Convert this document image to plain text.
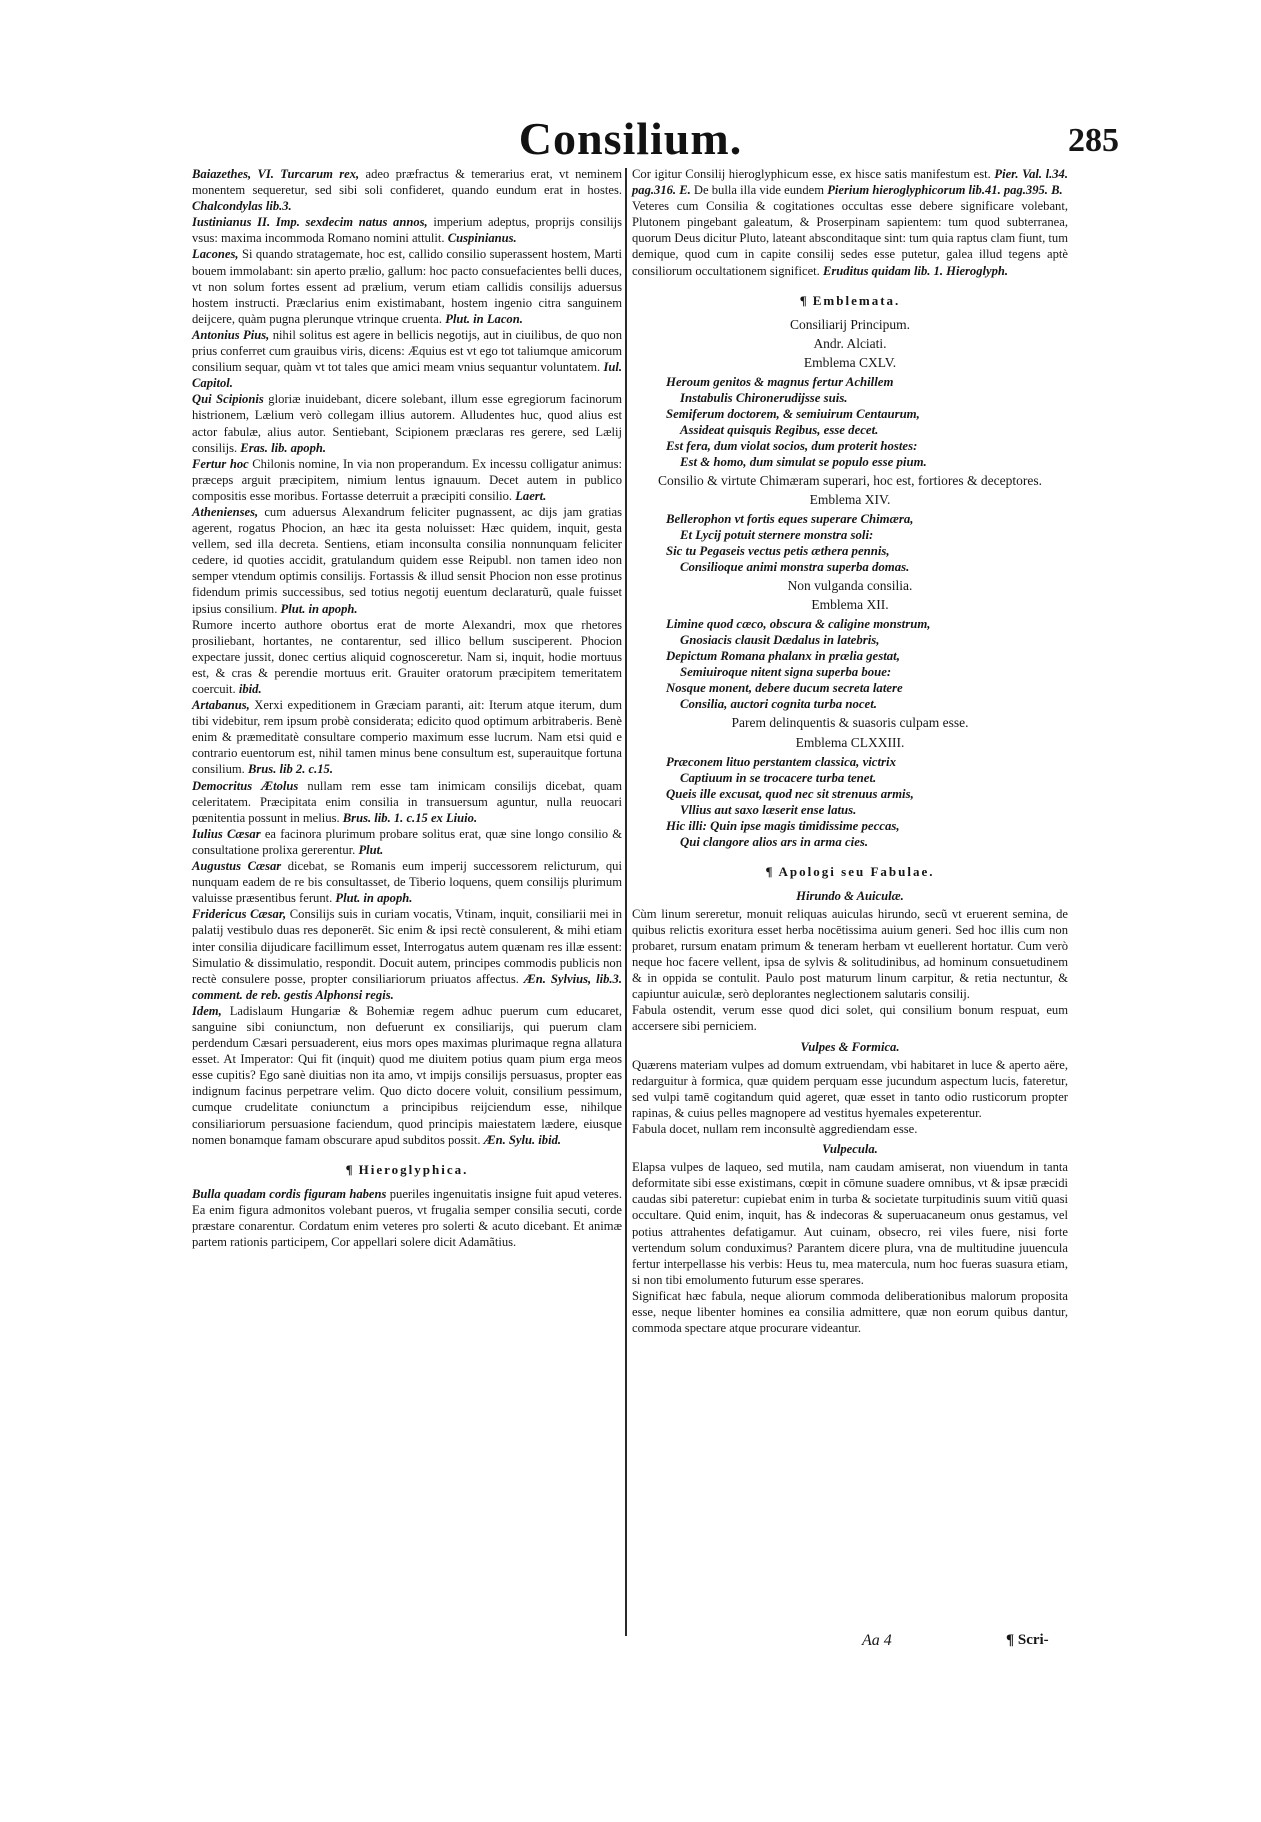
Consilium.	285

Baiazethes, VI. Turcarum rex, adeo præfractus & temerarius erat, vt neminem monentem sequeretur, sed sibi soli confideret, quando eundum erat in hostes. Chalcondylas lib.3.

Iustinianus II. Imp. sexdecim natus annos, imperium adeptus, proprijs consilijs vsus: maxima incommoda Romano nomini attulit. Cuspinianus.

Lacones, Si quando stratagemate, hoc est, callido consilio superassent hostem, Marti bouem immolabant: sin aperto prælio, gallum: hoc pacto consuefacientes belli duces, vt non solum fortes essent ad prælium, verum etiam callidis consilijs aduersus hostem instructi. Præclarius enim existimabant, hostem ingenio citra sanguinem deijcere, quàm pugna plerunque vtrinque cruenta. Plut. in Lacon.

Antonius Pius, nihil solitus est agere in bellicis negotijs, aut in ciuilibus, de quo non prius conferret cum grauibus viris, dicens: Æquius est vt ego tot taliumque amicorum consilium sequar, quàm vt tot tales que amici meam vnius sequantur voluntatem. Iul. Capitol.

Qui Scipionis gloriæ inuidebant, dicere solebant, illum esse egregiorum facinorum histrionem, Lælium verò collegam illius autorem. Alludentes huc, quod alius est actor fabulæ, alius autor. Sentiebant, Scipionem præclaras res gerere, sed Lælij consilijs. Eras. lib. apoph.

Fertur hoc Chilonis nomine, In via non properandum. Ex incessu colligatur animus: præceps arguit præcipitem, nimium lentus ignauum. Decet autem in publico compositis esse moribus. Fortasse deterruit a præcipiti consilio. Laert.

Athenienses, cum aduersus Alexandrum feliciter pugnassent, ac dijs jam gratias agerent, rogatus Phocion, an hæc ita gesta noluisset: Hæc quidem, inquit, gesta vellem, sed illa decreta. Sentiens, etiam inconsulta consilia nonnunquam feliciter cedere, id quoties accidit, gratulandum quidem esse Reipubl. non tamen ideo non semper vtendum optimis consilijs. Fortassis & illud sensit Phocion non esse protinus fidendum primis successibus, sed totius negotij euentum declaraturũ, quale fuisset ipsius consilium. Plut. in apoph.

Rumore incerto authore obortus erat de morte Alexandri, mox que rhetores prosiliebant, hortantes, ne contarentur, sed illico bellum susciperent. Phocion expectare jussit, donec certius aliquid cognosceretur. Nam si, inquit, hodie mortuus est, & cras & perendie mortuus erit. Grauiter oratorum præcipitem temeritatem coercuit. ibid.

Artabanus, Xerxi expeditionem in Græciam paranti, ait: Iterum atque iterum, dum tibi videbitur, rem ipsum probè considerata; edicito quod optimum arbitraberis. Benè enim & præmeditatè consultare comperio maximum esse lucrum. Nam etsi quid e contrario euentorum est, nihil tamen minus bene consultum est, superauitque fortuna consilium. Brus. lib 2. c.15.

Democritus Ætolus nullam rem esse tam inimicam consilijs dicebat, quam celeritatem. Præcipitata enim consilia in transuersum aguntur, nulla reuocari pœnitentia possunt in melius. Brus. lib. 1. c.15 ex Liuio.

Iulius Cæsar ea facinora plurimum probare solitus erat, quæ sine longo consilio & consultatione prolixa gererentur. Plut.

Augustus Cæsar dicebat, se Romanis eum imperij successorem relicturum, qui nunquam eadem de re bis consultasset, de Tiberio loquens, quem consilijs plurimum valuisse præsentibus ferunt. Plut. in apoph.

Fridericus Cæsar, Consilijs suis in curiam vocatis, Vtinam, inquit, consiliarii mei in palatij vestibulo duas res deponerēt. Sic enim & ipsi rectè consulerent, & mihi etiam inter consilia dijudicare facillimum esset, Interrogatus autem quænam res illæ essent: Simulatio & dissimulatio, respondit. Docuit autem, principes commodis publicis non rectè consulere posse, propter consiliariorum priuatos affectus. Æn. Sylvius, lib.3. comment. de reb. gestis Alphonsi regis.

Idem, Ladislaum Hungariæ & Bohemiæ regem adhuc puerum cum educaret, sanguine sibi coniunctum, non defuerunt ex consiliarijs, qui puerum clam perdendum Cæsari persuaderent, eius mors opes maximas plurimaque regna allatura esset. At Imperator: Qui fit (inquit) quod me diuitem potius quam pium erga meos esse cupitis? Ego sanè diuitias non ita amo, vt impijs consilijs persuasus, propter eas indignum facinus perpetrare velim. Quo dicto docere voluit, consilium pessimum, cumque crudelitate coniunctum a principibus reijciendum esse, nihilque consiliariorum persuasione faciendum, quod principis maiestatem lædere, eiusque nomen bonamque famam obscurare apud subditos possit. Æn. Sylu. ibid.

¶ Hieroglyphica.

Bulla quadam cordis figuram habens pueriles ingenuitatis insigne fuit apud veteres. Ea enim figura admonitos volebant pueros, vt frugalia semper consilia secuti, corde præstare conarentur. Cordatum enim veteres pro solerti & acuto dicebant. Et animæ partem rationis participem, Cor appellari solere dicit Adamãtius.

Cor igitur Consilij hieroglyphicum esse, ex hisce satis manifestum est. Pier. Val. l.34. pag.316. E. De bulla illa vide eundem Pierium hieroglyphicorum lib.41. pag.395. B.

Veteres cum Consilia & cogitationes occultas esse debere significare volebant, Plutonem pingebant galeatum, & Proserpinam sapientem: tum quod subterranea, quorum Deus dicitur Pluto, lateant absconditaque sint: tum quia raptus clam fiunt, tum demique, quod cum in capite consilij sedes esse putetur, galea illud tegens aptè consiliorum occultationem significet. Eruditus quidam lib. 1. Hieroglyph.

¶ Emblemata.
Consiliarij Principum.
Andr. Alciati.
Emblema CXLV.
Heroum genitos & magnus fertur Achillem
Instabulis Chironerudijsse suis.
Semiferum doctorem, & semiuirum Centaurum,
Assideat quisquis Regibus, esse decet.
Est fera, dum violat socios, dum proterit hostes:
Est & homo, dum simulat se populo esse pium.
Consilio & virtute Chimæram superari, hoc est, fortiores & deceptores.
Emblema XIV.
Bellerophon vt fortis eques superare Chimæra,
Et Lycij potuit sternere monstra soli:
Sic tu Pegaseis vectus petis æthera pennis,
Consilioque animi monstra superba domas.
Non vulganda consilia.
Emblema XII.
Limine quod cæco, obscura & caligine monstrum,
Gnosiacis clausit Dædalus in latebris,
Depictum Romana phalanx in prælia gestat,
Semiuiroque nitent signa superba boue:
Nosque monent, debere ducum secreta latere
Consilia, auctori cognita turba nocet.
Parem delinquentis & suasoris culpam esse.
Emblema CLXXIII.
Præconem lituo perstantem classica, victrix
Captiuum in se trocacere turba tenet.
Queis ille excusat, quod nec sit strenuus armis,
Vllius aut saxo læserit ense latus.
Hic illi: Quin ipse magis timidissime peccas,
Qui clangore alios ars in arma cies.
¶ Apologi seu Fabulae.
Hirundo & Auiculæ.

Cùm linum sereretur, monuit reliquas auiculas hirundo, secũ vt eruerent semina, de quibus relictis exoritura esset herba nocētissima auium generi. Sed hoc illis cum non probaret, rursum enatam primum & teneram herbam vt euellerent hortatur. Cum verò neque hoc facere vellent, ipsa de sylvis & solitudinibus, ad hominum consuetudinem & in oppida se contulit. Paulo post maturum linum carpitur, & retia nectuntur, & capiuntur auiculæ, serò deplorantes neglectionem salutaris consilij.

Fabula ostendit, verum esse quod dici solet, qui consilium bonum respuat, eum accersere sibi perniciem.

Vulpes & Formica.

Quærens materiam vulpes ad domum extruendam, vbi habitaret in luce & aperto aëre, redarguitur à formica, quæ quidem perquam esse jucundum aspectum lucis, fateretur, sed vulpi tamē cogitandum quid ageret, quæ esset in tanto odio rusticorum propter rapinas, & cuius pelles magnopere ad vestitus hyemales expeterentur.

Fabula docet, nullam rem inconsultè aggrediendam esse.

Vulpecula.

Elapsa vulpes de laqueo, sed mutila, nam caudam amiserat, non viuendum in tanta deformitate sibi esse existimans, cœpit in cōmune suadere omnibus, vt & ipsæ præcidi caudas sibi pateretur: cupiebat enim in turba & societate turpitudinis suum vitiũ quasi occultare. Quid enim, inquit, has & indecoras & superuacaneum onus gestamus, vel potius attrahentes defatigamur. Aut cuinam, obsecro, rei viles fuere, nisi forte vertendum solum conduximus? Parantem dicere plura, vna de multitudine juuencula fertur interpellasse his verbis: Heus tu, mea matercula, num hoc fueras suasura etiam, si non tibi emolumento futurum esse sperares.

Significat hæc fabula, neque aliorum commoda deliberationibus malorum proposita esse, neque libenter homines ea consilia admittere, quæ non eorum quibus dantur, commoda spectare atque procurare videantur.

Aa 4	¶ Scri-
